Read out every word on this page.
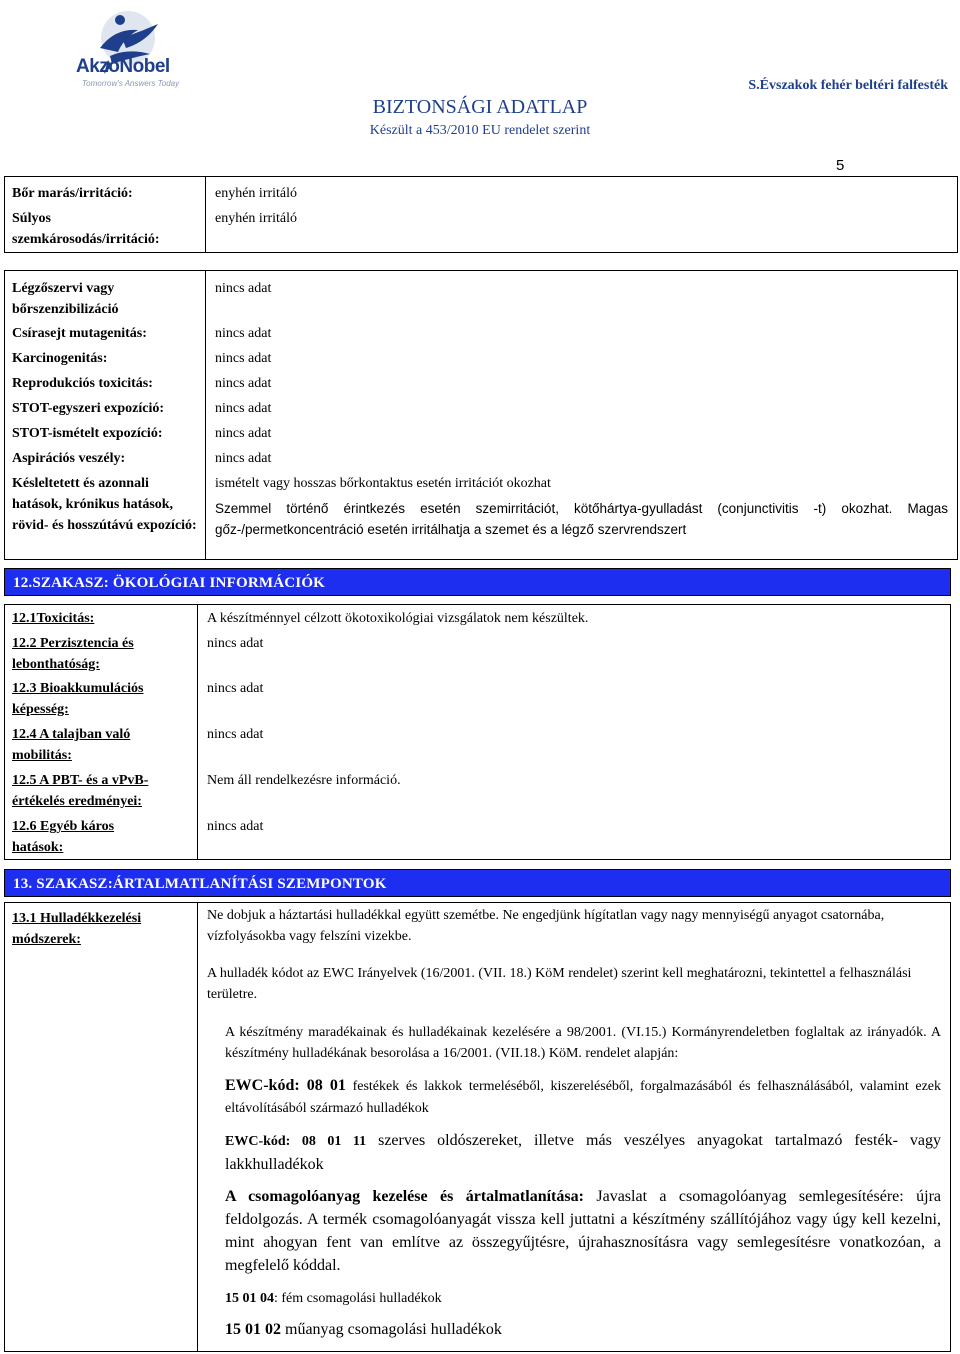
AkzoNobel
Tomorrow's Answers Today
BIZTONSÁGI ADATLAP
Készült a 453/2010 EU rendelet szerint
S.Évszakok fehér beltéri falfesték
5
Bőr marás/irritáció:	enyhén irritáló
Súlyos szemkárosodás/irritáció:
enyhén irritáló
Légzőszervi vagy bőrszenzibilizáció
nincs adat
Csírasejt mutagenitás:	nincs adat
Karcinogenitás:	nincs adat
Reprodukciós toxicitás:	nincs adat
STOT-egyszeri expozíció:	nincs adat
STOT-ismételt expozíció:	nincs adat
Aspirációs veszély:	nincs adat
Késleltetett és azonnali hatások, krónikus hatások, rövid- és hosszútávú expozíció:
ismételt vagy hosszas bőrkontaktus esetén irritációt okozhat
Szemmel történő érintkezés esetén szemirritációt, kötőhártya-gyulladást (conjunctivitis -t) okozhat. Magas gőz-/permetkoncentráció esetén irritálhatja a szemet és a légző szervrendszert
12.SZAKASZ: ÖKOLÓGIAI INFORMÁCIÓK
12.1Toxicitás:	A készítménnyel célzott ökotoxikológiai vizsgálatok nem készültek.
12.2 Perzisztencia és lebonthatóság:
nincs adat
12.3 Bioakkumulációs képesség:
nincs adat
12.4 A talajban való mobilitás:
nincs adat
12.5 A PBT- és a vPvB-értékelés eredményei:
Nem áll rendelkezésre információ.
12.6 Egyéb káros hatások:
nincs adat
13. SZAKASZ:ÁRTALMATLANÍTÁSI SZEMPONTOK
13.1 Hulladékkezelési módszerek:
Ne dobjuk a háztartási hulladékkal együtt szemétbe. Ne engedjünk hígítatlan vagy nagy mennyiségű anyagot csatornába, vízfolyásokba vagy felszíni vizekbe.
A hulladék kódot az EWC Irányelvek (16/2001. (VII. 18.) KöM rendelet) szerint kell meghatározni, tekintettel a felhasználási területre.
A készítmény maradékainak és hulladékainak kezelésére a 98/2001. (VI.15.) Kormányrendeletben foglaltak az irányadók. A készítmény hulladékának besorolása a 16/2001. (VII.18.) KöM. rendelet alapján:
EWC-kód: 08 01 festékek és lakkok termeléséből, kiszereléséből, forgalmazásából és felhasználásából, valamint ezek eltávolításából származó hulladékok
EWC-kód: 08 01 11 szerves oldószereket, illetve más veszélyes anyagokat tartalmazó festék- vagy lakkhulladékok
A csomagolóanyag kezelése és ártalmatlanítása: Javaslat a csomagolóanyag semlegesítésére: újra feldolgozás. A termék csomagolóanyagát vissza kell juttatni a készítmény szállítójához vagy úgy kell kezelni, mint ahogyan fent van említve az összegyűjtésre, újrahasznosításra vagy semlegesítésre vonatkozóan, a megfelelő kóddal.
15 01 04: fém csomagolási hulladékok
15 01 02 műanyag csomagolási hulladékok
